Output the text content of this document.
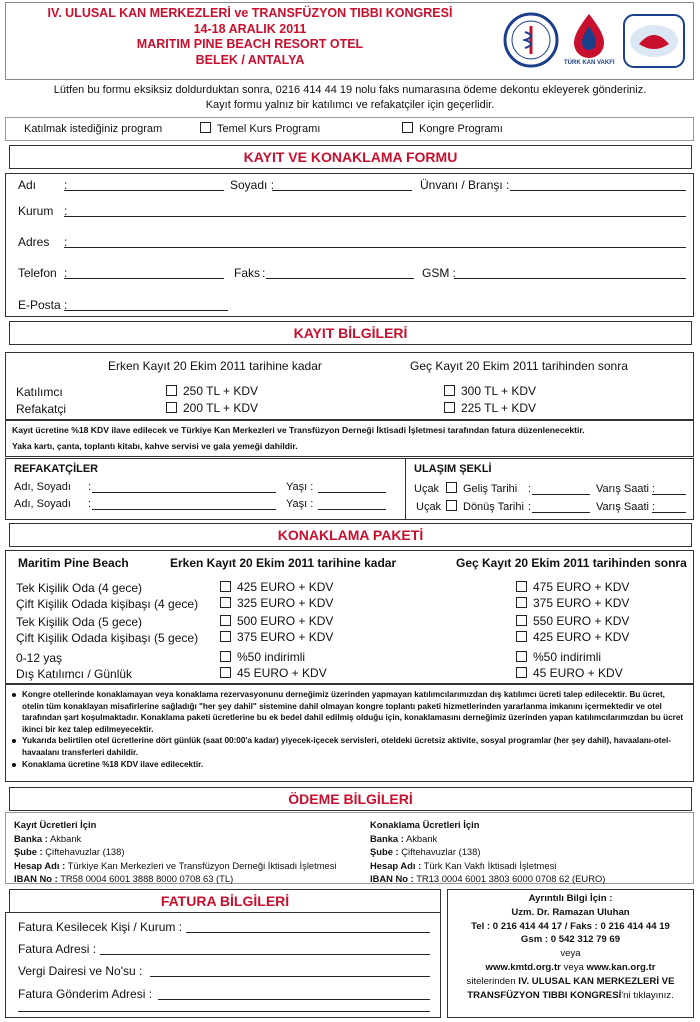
IV. ULUSAL KAN MERKEZLERİ ve TRANSFÜZYON TIBBI KONGRESİ
14-18 ARALIK 2011
MARITIM PINE BEACH RESORT OTEL
BELEK / ANTALYA	TÜRK KAN VAKFI
Lütfen bu formu eksiksiz doldurduktan sonra, 0216 414 44 19 nolu faks numarasına ödeme dekontu ekleyerek gönderiniz.
Kayıt formu yalnız bir katılımcı ve refakatçiler için geçerlidir.
Katılmak istediğiniz program	Temel Kurs Programı	Kongre Programı
KAYIT VE KONAKLAMA FORMU
Adı :	Soyadı :	Ünvanı / Branşı :
Kurum :
Adres :
Telefon :	Faks :	GSM :
E-Posta :
KAYIT BİLGİLERİ
Erken Kayıt 20 Ekim 2011 tarihine kadar	Geç Kayıt 20 Ekim 2011 tarihinden sonra
Katılımcı	250 TL + KDV	300 TL + KDV
Refakatçi	200 TL + KDV	225 TL + KDV
Kayıt ücretine %18 KDV ilave edilecek ve Türkiye Kan Merkezleri ve Transfüzyon Derneği İktisadi İşletmesi tarafından fatura düzenlenecektir.
Yaka kartı, çanta, toplantı kitabı, kahve servisi ve gala yemeği dahildir.
REFAKATÇİLER
Adı, Soyadı :	Yaşı :
Adı, Soyadı :	Yaşı :
ULAŞIM ŞEKLİ
Uçak	Geliş Tarihi :	Varış Saati :
Uçak	Dönüş Tarihi :	Varış Saati :
KONAKLAMA PAKETİ
Maritim Pine Beach	Erken Kayıt 20 Ekim 2011 tarihine kadar	Geç Kayıt 20 Ekim 2011 tarihinden sonra
Tek Kişilik Oda (4 gece)	425 EURO + KDV	475 EURO + KDV
Çift Kişilik Odada kişibaşı (4 gece)	325 EURO + KDV	375 EURO + KDV
Tek Kişilik Oda (5 gece)	500 EURO + KDV	550 EURO + KDV
Çift Kişilik Odada kişibaşı (5 gece)	375 EURO + KDV	425 EURO + KDV
0-12 yaş	%50 indirimli	%50 indirimli
Dış Katılımcı / Günlük	45 EURO + KDV	45 EURO + KDV
Kongre otellerinde konaklamayan veya konaklama rezervasyonunu derneğimiz üzerinden yapmayan katılımcılarımızdan dış katılımcı ücreti talep edilecektir. Bu ücret, otelin tüm konaklayan misafirlerine sağladığı "her şey dahil" sistemine dahil olmayan kongre toplantı paketi hizmetlerinden yararlanma imkanını içermektedir ve otel tarafından şart koşulmaktadır. Konaklama paketi ücretlerine bu ek bedel dahil edilmiş olduğu için, konaklamasını derneğimiz üzerinden yapan katılımcılarımızdan bu ücret ikinci bir kez talep edilmeyecektir.
Yukarıda belirtilen otel ücretlerine dört günlük (saat 00:00'a kadar) yiyecek-içecek servisleri, oteldeki ücretsiz aktivite, sosyal programlar (her şey dahil), havaalanı-otel-havaalanı transferleri dahildir.
Konaklama ücretine %18 KDV ilave edilecektir.
ÖDEME BİLGİLERİ
Kayıt Ücretleri İçin
Banka : Akbank
Şube : Çiftehavuzlar (138)
Hesap Adı : Türkiye Kan Merkezleri ve Transfüzyon Derneği İktisadi İşletmesi
IBAN No : TR58 0004 6001 3888 8000 0708 63 (TL)
Konaklama Ücretleri İçin
Banka : Akbank
Şube : Çiftehavuzlar (138)
Hesap Adı : Türk Kan Vakfı İktisadi İşletmesi
IBAN No : TR13 0004 6001 3803 6000 0708 62 (EURO)
FATURA BİLGİLERİ
Fatura Kesilecek Kişi / Kurum :
Fatura Adresi :
Vergi Dairesi ve No'su :
Fatura Gönderim Adresi :
Ayrıntılı Bilgi İçin :
Uzm. Dr. Ramazan Uluhan
Tel : 0 216 414 44 17 / Faks : 0 216 414 44 19
Gsm : 0 542 312 79 69
veya
www.kmtd.org.tr veya www.kan.org.tr
sitelerinden IV. ULUSAL KAN MERKEZLERİ VE TRANSFÜZYON TIBBI KONGRESİ'ni tıklayınız.
